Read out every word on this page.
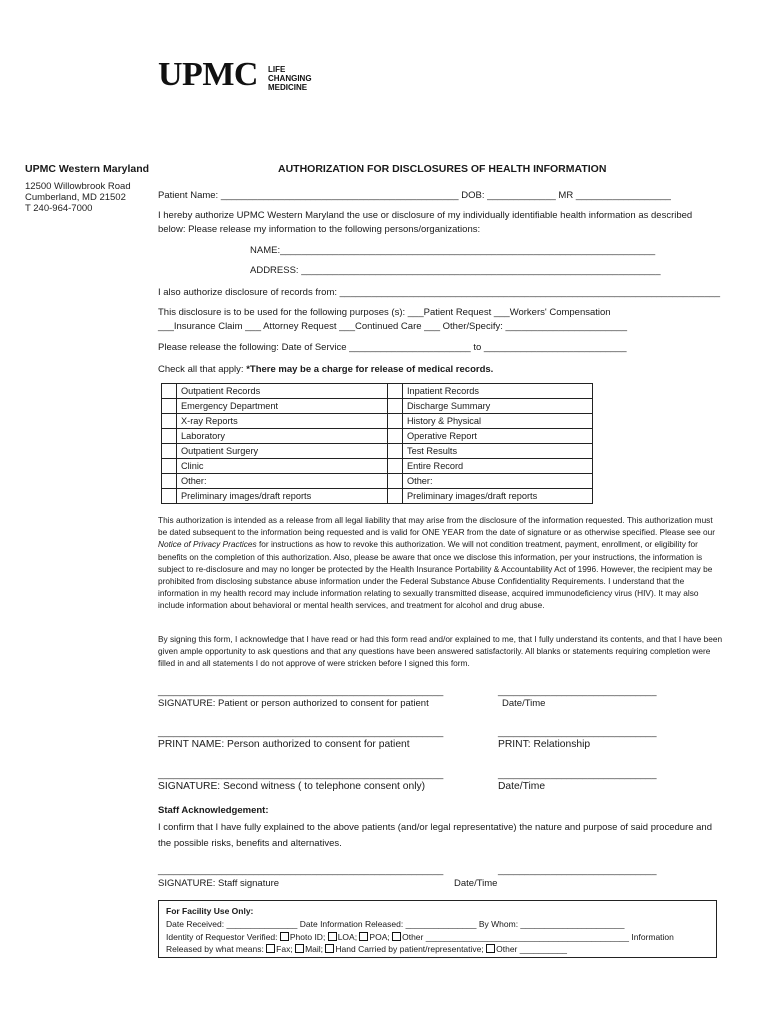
UPMC LIFE
CHANGING
MEDICINE
UPMC Western Maryland
12500 Willowbrook Road
Cumberland, MD 21502
T 240-964-7000
AUTHORIZATION FOR DISCLOSURES OF HEALTH INFORMATION
Patient Name: _____________________________________________ DOB: _____________ MR __________________
I hereby authorize UPMC Western Maryland the use or disclosure of my individually identifiable health information as described below: Please release my information to the following persons/organizations:
NAME:_______________________________________________________________________
ADDRESS: ____________________________________________________________________
I also authorize disclosure of records from: ________________________________________________________________________
This disclosure is to be used for the following purposes (s): ___Patient Request ___Workers' Compensation
___Insurance Claim ___ Attorney Request ___Continued Care ___ Other/Specify: _______________________
Please release the following: Date of Service _______________________ to ___________________________
Check all that apply: *There may be a charge for release of medical records.
	Outpatient Records		Inpatient Records
	Emergency Department		Discharge Summary
	X-ray Reports		History & Physical
	Laboratory		Operative Report
	Outpatient Surgery		Test Results
	Clinic		Entire Record
	Other:		Other:
	Preliminary images/draft reports		Preliminary images/draft reports
This authorization is intended as a release from all legal liability that may arise from the disclosure of the information requested. This authorization must be dated subsequent to the information being requested and is valid for ONE YEAR from the date of signature or as otherwise specified. Please see our Notice of Privacy Practices for instructions as how to revoke this authorization. We will not condition treatment, payment, enrollment, or eligibility for benefits on the completion of this authorization. Also, please be aware that once we disclose this information, per your instructions, the information is subject to re-disclosure and may no longer be protected by the Health Insurance Portability & Accountability Act of 1996. However, the recipient may be prohibited from disclosing substance abuse information under the Federal Substance Abuse Confidentiality Requirements. I understand that the information in my health record may include information relating to sexually transmitted disease, acquired immunodeficiency virus (HIV). It may also include information about behavioral or mental health services, and treatment for alcohol and drug abuse.
By signing this form, I acknowledge that I have read or had this form read and/or explained to me, that I fully understand its contents, and that I have been given ample opportunity to ask questions and that any questions have been answered satisfactorily. All blanks or statements requiring completion were filled in and all statements I do not approve of were stricken before I signed this form.
______________________________________________________	______________________________
SIGNATURE: Patient or person authorized to consent for patient	Date/Time
______________________________________________________	______________________________
PRINT NAME: Person authorized to consent for patient	PRINT: Relationship
______________________________________________________	______________________________
SIGNATURE: Second witness ( to telephone consent only)	Date/Time
Staff Acknowledgement:
I confirm that I have fully explained to the above patients (and/or legal representative) the nature and purpose of said procedure and the possible risks, benefits and alternatives.
______________________________________________________	______________________________
SIGNATURE: Staff signature	Date/Time
For Facility Use Only:
Date Received: _______________ Date Information Released: _______________ By Whom: ______________________
Identity of Requestor Verified: Photo ID; LOA; POA; Other ___________________________________________ Information
Released by what means: Fax; Mail; Hand Carried by patient/representative; Other __________
